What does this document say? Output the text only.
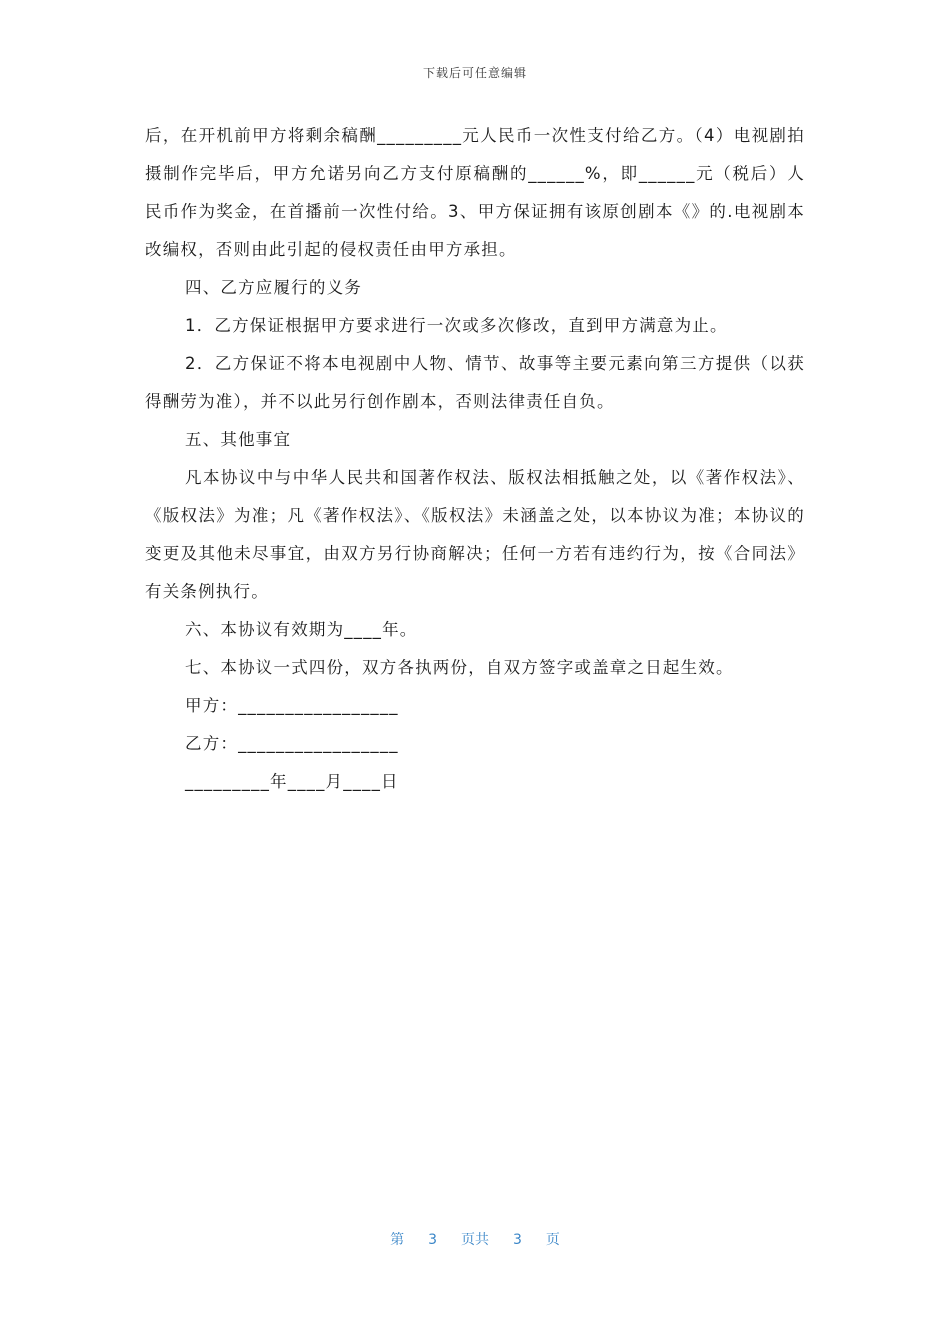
下载后可任意编辑

后，在开机前甲方将剩余稿酬_________元人民币一次性支付给乙方。（4）电视剧拍摄制作完毕后，甲方允诺另向乙方支付原稿酬的______%，即______元（税后）人民币作为奖金，在首播前一次性付给。3、甲方保证拥有该原创剧本《》的.电视剧本改编权，否则由此引起的侵权责任由甲方承担。

四、乙方应履行的义务

1．乙方保证根据甲方要求进行一次或多次修改，直到甲方满意为止。

2．乙方保证不将本电视剧中人物、情节、故事等主要元素向第三方提供（以获得酬劳为准），并不以此另行创作剧本，否则法律责任自负。

五、其他事宜

凡本协议中与中华人民共和国著作权法、版权法相抵触之处，以《著作权法》、《版权法》为准；凡《著作权法》、《版权法》未涵盖之处，以本协议为准；本协议的变更及其他未尽事宜，由双方另行协商解决；任何一方若有违约行为，按《合同法》有关条例执行。

六、本协议有效期为____年。

七、本协议一式四份，双方各执两份，自双方签字或盖章之日起生效。

甲方：_________________

乙方：_________________

_________年____月____日

第 3 页共 3 页
